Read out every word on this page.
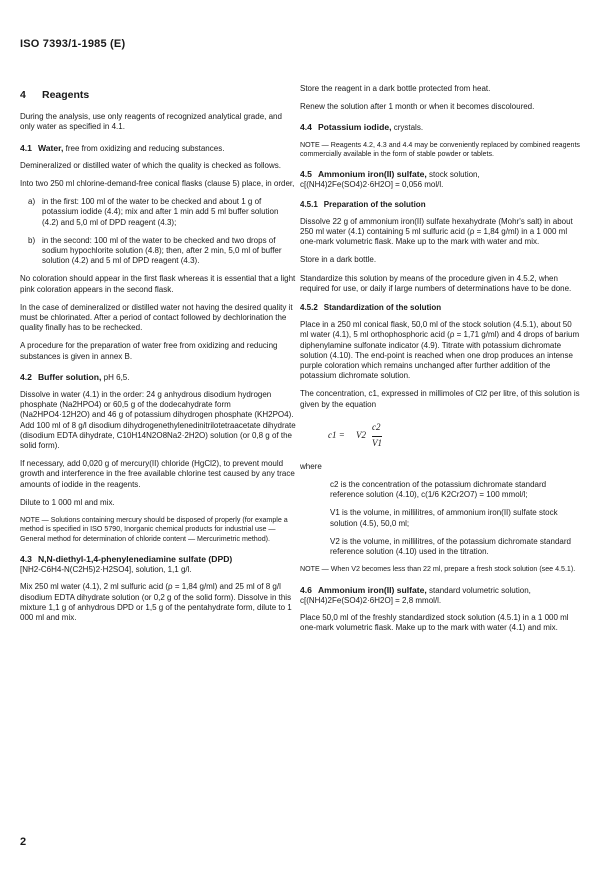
ISO 7393/1-1985 (E)
4 Reagents

During the analysis, use only reagents of recognized analytical grade, and only water as specified in 4.1.

4.1 Water, free from oxidizing and reducing substances.

Demineralized or distilled water of which the quality is checked as follows.

Into two 250 ml chlorine-demand-free conical flasks (clause 5) place, in order,

a) in the first: 100 ml of the water to be checked and about 1 g of potassium iodide (4.4); mix and after 1 min add 5 ml buffer solution (4.2) and 5,0 ml of DPD reagent (4.3);
b) in the second: 100 ml of the water to be checked and two drops of sodium hypochlorite solution (4.8); then, after 2 min, 5,0 ml of buffer solution (4.2) and 5 ml of DPD reagent (4.3).

No coloration should appear in the first flask whereas it is essential that a light pink coloration appears in the second flask.

In the case of demineralized or distilled water not having the desired quality it must be chlorinated. After a period of contact followed by dechlorination the quality finally has to be rechecked.

A procedure for the preparation of water free from oxidizing and reducing substances is given in annex B.

4.2 Buffer solution, pH 6,5.

Dissolve in water (4.1) in the order: 24 g anhydrous disodium hydrogen phosphate (Na2HPO4) or 60,5 g of the dodecahydrate form (Na2HPO4·12H2O) and 46 g of potassium dihydrogen phosphate (KH2PO4). Add 100 ml of 8 g/l disodium dihydrogenethylenedinitrilotetraacetate dihydrate (disodium EDTA dihydrate, C10H14N2O8Na2·2H2O) solution (or 0,8 g of the solid form).

If necessary, add 0,020 g of mercury(II) chloride (HgCl2), to prevent mould growth and interference in the free available chlorine test caused by any trace amounts of iodide in the reagents.

Dilute to 1 000 ml and mix.

NOTE — Solutions containing mercury should be disposed of properly (for example a method is specified in ISO 5790, Inorganic chemical products for industrial use — General method for determination of chloride content — Mercurimetric method).
4.3 N,N-diethyl-1,4-phenylenediamine sulfate (DPD)
[NH2-C6H4-N(C2H5)2·H2SO4], solution, 1,1 g/l.

Mix 250 ml water (4.1), 2 ml sulfuric acid (ρ = 1,84 g/ml) and 25 ml of 8 g/l disodium EDTA dihydrate solution (or 0,2 g of the solid form). Dissolve in this mixture 1,1 g of anhydrous DPD or 1,5 g of the pentahydrate form, dilute to 1 000 ml and mix.

Store the reagent in a dark bottle protected from heat.

Renew the solution after 1 month or when it becomes discoloured.

4.4 Potassium iodide, crystals.
NOTE — Reagents 4.2, 4.3 and 4.4 may be conveniently replaced by combined reagents commercially available in the form of stable powder or tablets.
4.5 Ammonium iron(II) sulfate, stock solution,
c[(NH4)2Fe(SO4)2·6H2O] = 0,056 mol/l.
4.5.1 Preparation of the solution

Dissolve 22 g of ammonium iron(II) sulfate hexahydrate (Mohr's salt) in about 250 ml water (4.1) containing 5 ml sulfuric acid (ρ = 1,84 g/ml) in a 1 000 ml one-mark volumetric flask. Make up to the mark with water and mix.

Store in a dark bottle.

Standardize this solution by means of the procedure given in 4.5.2, when required for use, or daily if large numbers of determinations have to be done.

4.5.2 Standardization of the solution

Place in a 250 ml conical flask, 50,0 ml of the stock solution (4.5.1), about 50 ml water (4.1), 5 ml orthophosphoric acid (ρ = 1,71 g/ml) and 4 drops of barium diphenylamine sulfonate indicator (4.9). Titrate with potassium dichromate solution (4.10). The end-point is reached when one drop produces an intense purple coloration which remains unchanged after further addition of the potassium dichromate solution.

The concentration, c1, expressed in millimoles of Cl2 per litre, of this solution is given by the equation

c1 = V2
c2
V1

where

c2 is the concentration of the potassium dichromate standard reference solution (4.10), c(1/6 K2Cr2O7) = 100 mmol/l;

V1 is the volume, in millilitres, of ammonium iron(II) sulfate stock solution (4.5), 50,0 ml;

V2 is the volume, in millilitres, of the potassium dichromate standard reference solution (4.10) used in the titration.

NOTE — When V2 becomes less than 22 ml, prepare a fresh stock solution (see 4.5.1).
4.6 Ammonium iron(II) sulfate, standard volumetric solution, c[(NH4)2Fe(SO4)2·6H2O] = 2,8 mmol/l.

Place 50,0 ml of the freshly standardized stock solution (4.5.1) in a 1 000 ml one-mark volumetric flask. Make up to the mark with water (4.1) and mix.

2
